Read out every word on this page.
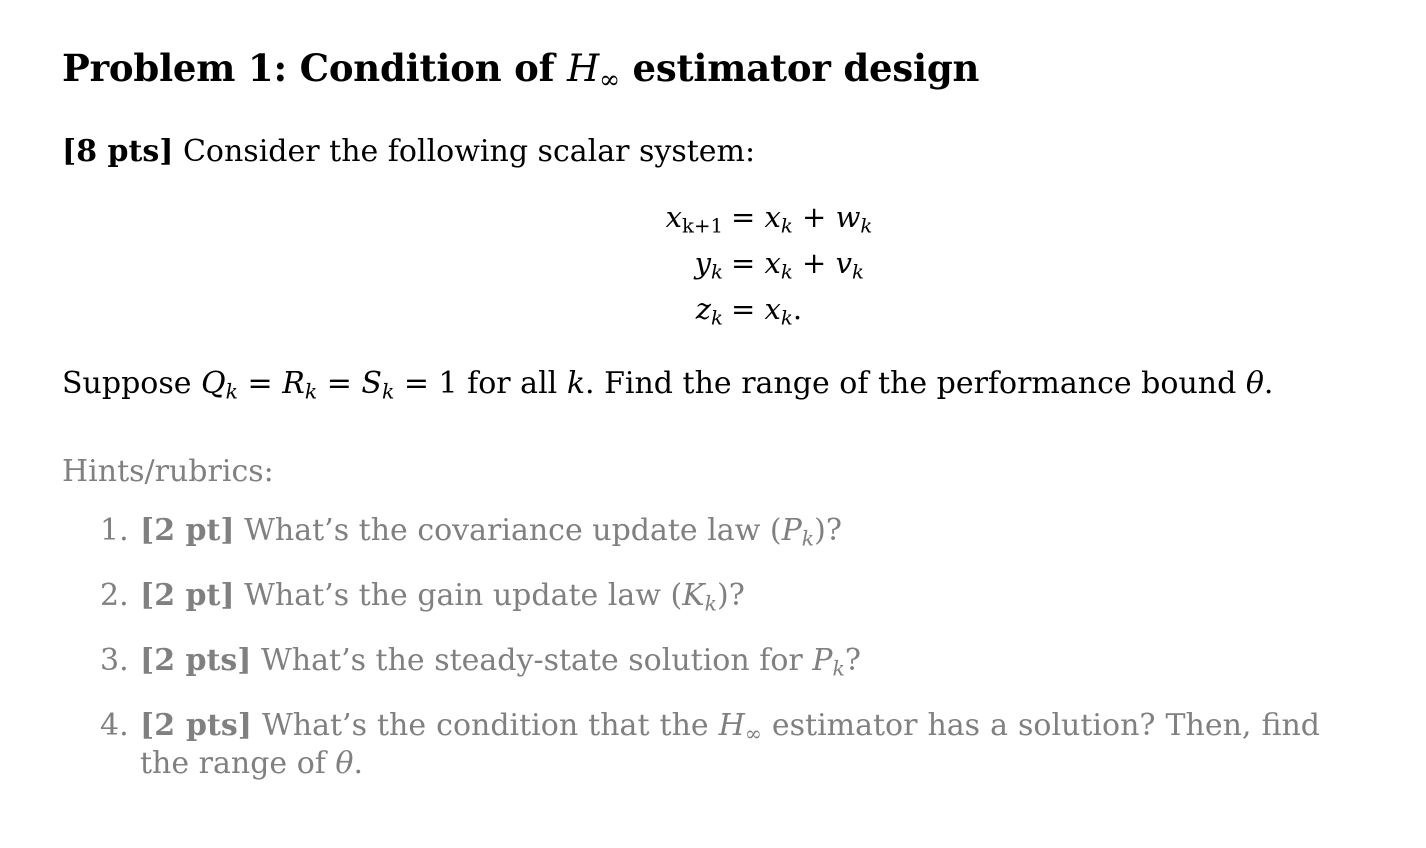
Problem 1: Condition of $H_\infty$ estimator design
[8 pts] Consider the following scalar system:
$x_{k+1} = x_k + w_k$
$y_k = x_k + v_k$
$z_k = x_k$.
Suppose $Q_k = R_k = S_k = 1$ for all k. Find the range of the performance bound θ.
Hints/rubrics:
1. [2 pt] What’s the covariance update law $(P_k)$?
2. [2 pt] What’s the gain update law $(K_k)$?
3. [2 pts] What’s the steady-state solution for $P_k$?
4. [2 pts] What’s the condition that the $H_\infty$ estimator has a solution? Then, find the range of θ.
